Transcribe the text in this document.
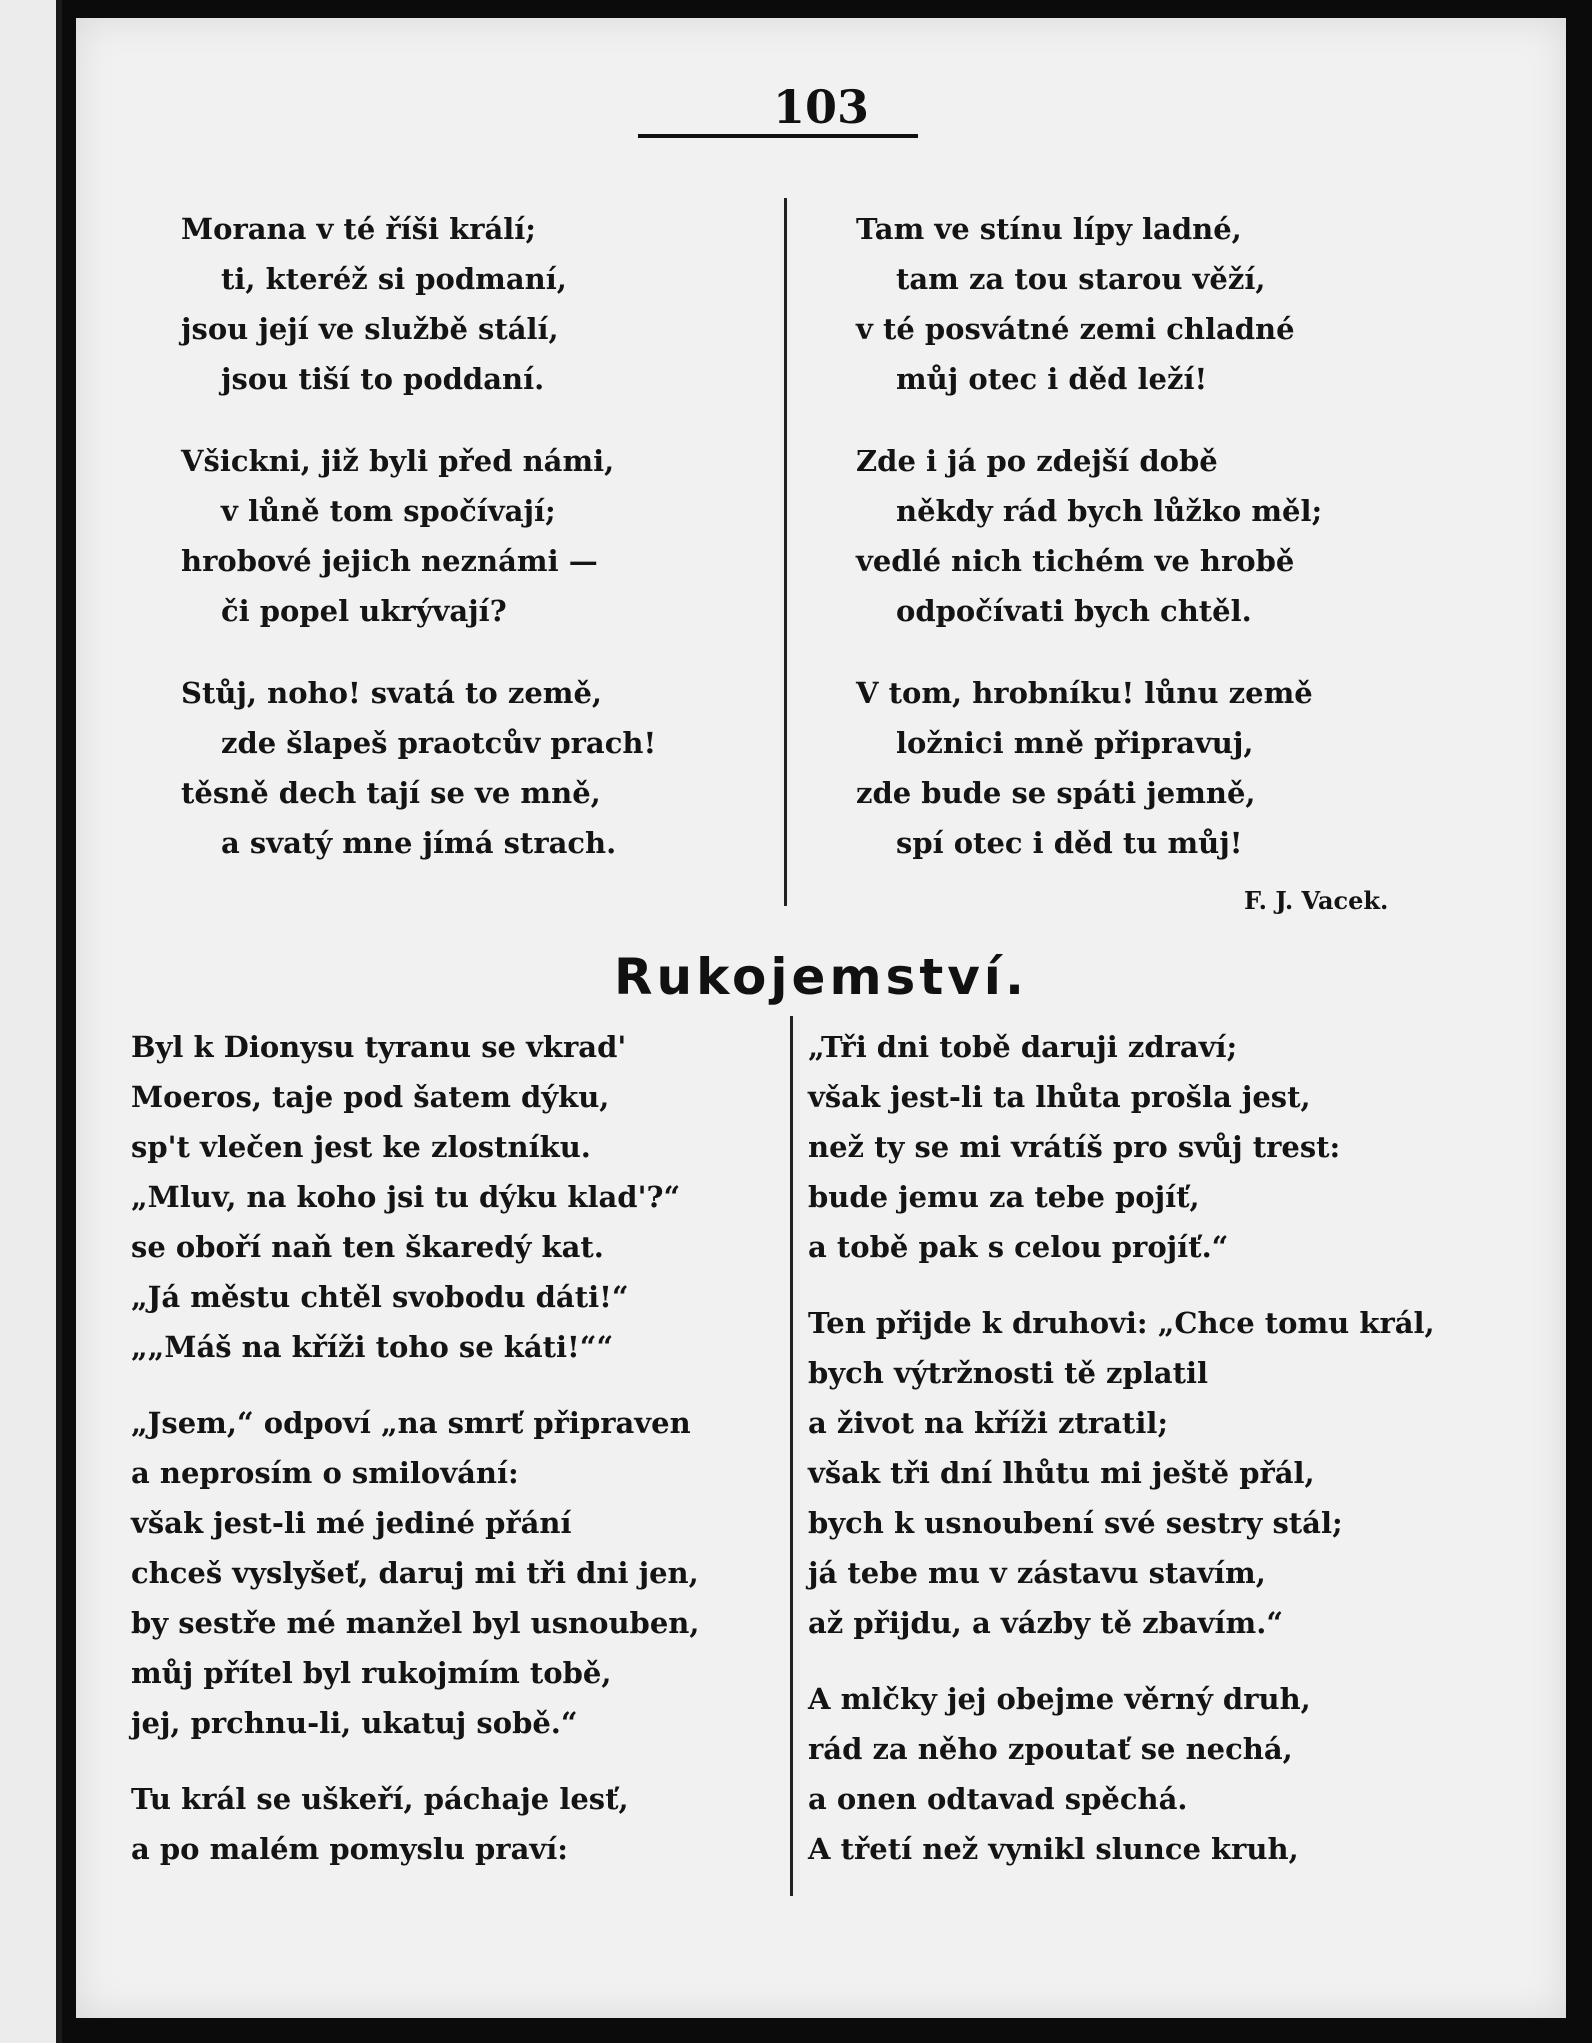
103
Morana v té říši králí;
ti, kteréž si podmaní,
jsou její ve službě stálí,
jsou tiší to poddaní.
Všickni, již byli před námi,
v lůně tom spočívají;
hrobové jejich neznámi —
či popel ukrývají?
Stůj, noho! svatá to země,
zde šlapeš praotcův prach!
těsně dech tají se ve mně,
a svatý mne jímá strach.
Tam ve stínu lípy ladné,
tam za tou starou věží,
v té posvátné zemi chladné
můj otec i děd leží!
Zde i já po zdejší době
někdy rád bych lůžko měl;
vedlé nich tichém ve hrobě
odpočívati bych chtěl.
V tom, hrobníku! lůnu země
ložnici mně připravuj,
zde bude se spáti jemně,
spí otec i děd tu můj!
F. J. Vacek.
Rukojemství.
Byl k Dionysu tyranu se vkrad'
Moeros, taje pod šatem dýku,
sp't vlečen jest ke zlostníku.
„Mluv, na koho jsi tu dýku klad'?“
se oboří naň ten škaredý kat.
„Já městu chtěl svobodu dáti!“
„„Máš na kříži toho se káti!““
„Jsem,“ odpoví „na smrť připraven
a neprosím o smilování:
však jest-li mé jediné přání
chceš vyslyšeť, daruj mi tři dni jen,
by sestře mé manžel byl usnouben,
můj přítel byl rukojmím tobě,
jej, prchnu-li, ukatuj sobě.“
Tu král se uškeří, páchaje lesť,
a po malém pomyslu praví:
„Tři dni tobě daruji zdraví;
však jest-li ta lhůta prošla jest,
než ty se mi vrátíš pro svůj trest:
bude jemu za tebe pojíť,
a tobě pak s celou projíť.“
Ten přijde k druhovi: „Chce tomu král,
bych výtržnosti tě zplatil
a život na kříži ztratil;
však tři dní lhůtu mi ještě přál,
bych k usnoubení své sestry stál;
já tebe mu v zástavu stavím,
až přijdu, a vázby tě zbavím.“
A mlčky jej obejme věrný druh,
rád za něho zpoutať se nechá,
a onen odtavad spěchá.
A třetí než vynikl slunce kruh,
